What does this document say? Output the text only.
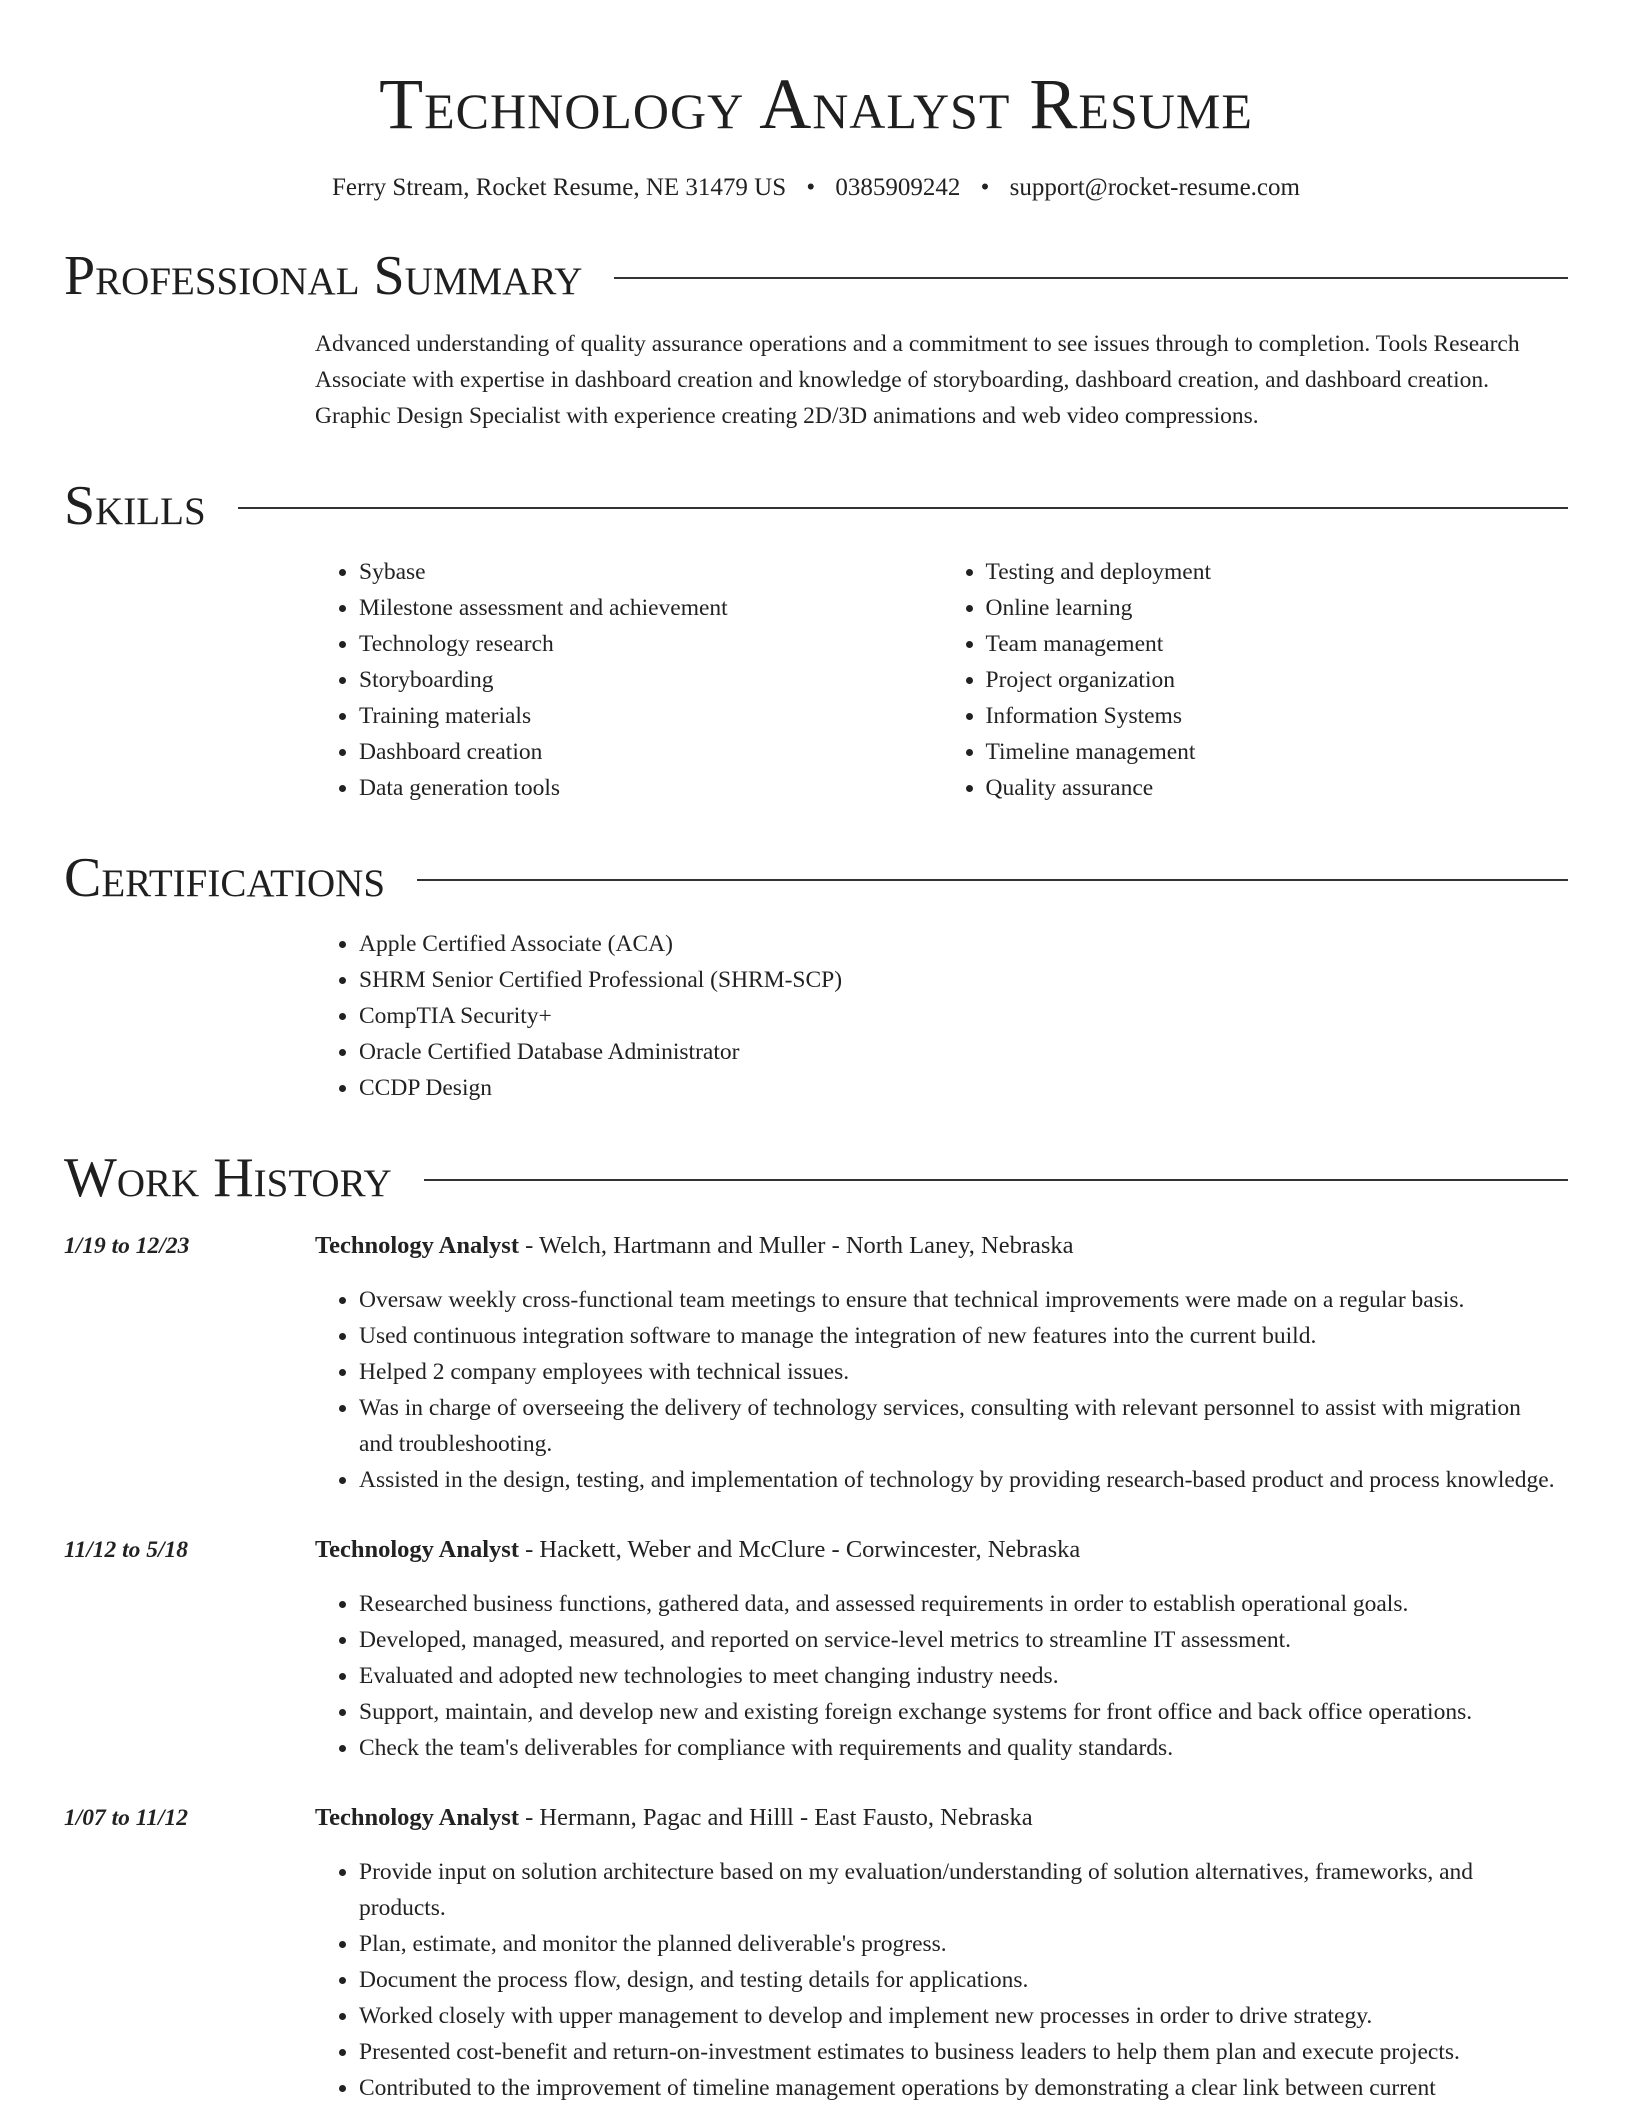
Technology Analyst Resume
Ferry Stream, Rocket Resume, NE 31479 US • 0385909242 • support@rocket-resume.com
Professional Summary
Advanced understanding of quality assurance operations and a commitment to see issues through to completion. Tools Research Associate with expertise in dashboard creation and knowledge of storyboarding, dashboard creation, and dashboard creation. Graphic Design Specialist with experience creating 2D/3D animations and web video compressions.
Skills
• Sybase
• Milestone assessment and achievement
• Technology research
• Storyboarding
• Training materials
• Dashboard creation
• Data generation tools
• Testing and deployment
• Online learning
• Team management
• Project organization
• Information Systems
• Timeline management
• Quality assurance
Certifications
• Apple Certified Associate (ACA)
• SHRM Senior Certified Professional (SHRM-SCP)
• CompTIA Security+
• Oracle Certified Database Administrator
• CCDP Design
Work History
1/19 to 12/23	Technology Analyst - Welch, Hartmann and Muller - North Laney, Nebraska
• Oversaw weekly cross-functional team meetings to ensure that technical improvements were made on a regular basis.
• Used continuous integration software to manage the integration of new features into the current build.
• Helped 2 company employees with technical issues.
• Was in charge of overseeing the delivery of technology services, consulting with relevant personnel to assist with migration and troubleshooting.
• Assisted in the design, testing, and implementation of technology by providing research-based product and process knowledge.
11/12 to 5/18	Technology Analyst - Hackett, Weber and McClure - Corwincester, Nebraska
• Researched business functions, gathered data, and assessed requirements in order to establish operational goals.
• Developed, managed, measured, and reported on service-level metrics to streamline IT assessment.
• Evaluated and adopted new technologies to meet changing industry needs.
• Support, maintain, and develop new and existing foreign exchange systems for front office and back office operations.
• Check the team's deliverables for compliance with requirements and quality standards.
1/07 to 11/12	Technology Analyst - Hermann, Pagac and Hilll - East Fausto, Nebraska
• Provide input on solution architecture based on my evaluation/understanding of solution alternatives, frameworks, and products.
• Plan, estimate, and monitor the planned deliverable's progress.
• Document the process flow, design, and testing details for applications.
• Worked closely with upper management to develop and implement new processes in order to drive strategy.
• Presented cost-benefit and return-on-investment estimates to business leaders to help them plan and execute projects.
• Contributed to the improvement of timeline management operations by demonstrating a clear link between current
